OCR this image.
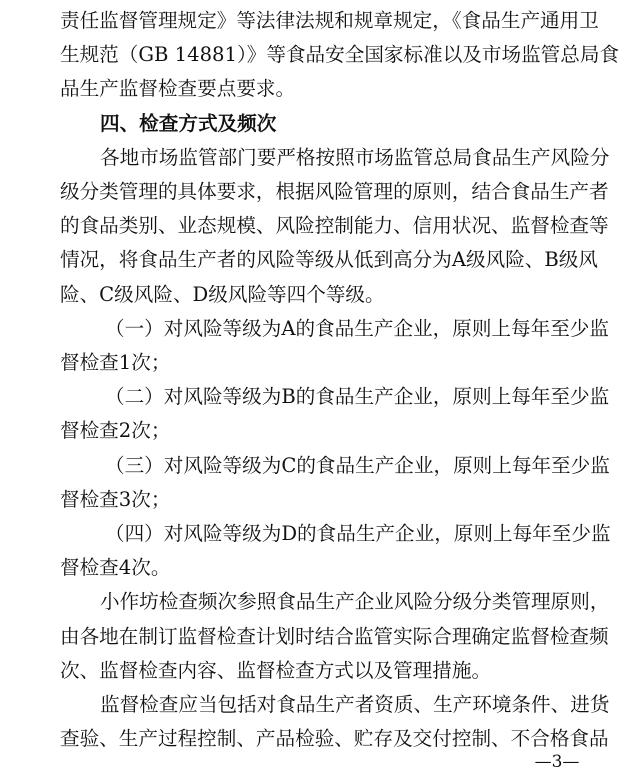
责任监督管理规定》等法律法规和规章规定，《食品生产通用卫
生规范（GB 14881）》等食品安全国家标准以及市场监管总局食
品生产监督检查要点要求。
四、检查方式及频次
各地市场监管部门要严格按照市场监管总局食品生产风险分
级分类管理的具体要求，根据风险管理的原则，结合食品生产者
的食品类别、业态规模、风险控制能力、信用状况、监督检查等
情况，将食品生产者的风险等级从低到高分为A级风险、B级风
险、C级风险、D级风险等四个等级。
（一）对风险等级为A的食品生产企业，原则上每年至少监
督检查1次；
（二）对风险等级为B的食品生产企业，原则上每年至少监
督检查2次；
（三）对风险等级为C的食品生产企业，原则上每年至少监
督检查3次；
（四）对风险等级为D的食品生产企业，原则上每年至少监
督检查4次。
小作坊检查频次参照食品生产企业风险分级分类管理原则，
由各地在制订监督检查计划时结合监管实际合理确定监督检查频
次、监督检查内容、监督检查方式以及管理措施。
监督检查应当包括对食品生产者资质、生产环境条件、进货
查验、生产过程控制、产品检验、贮存及交付控制、不合格食品
—3—
